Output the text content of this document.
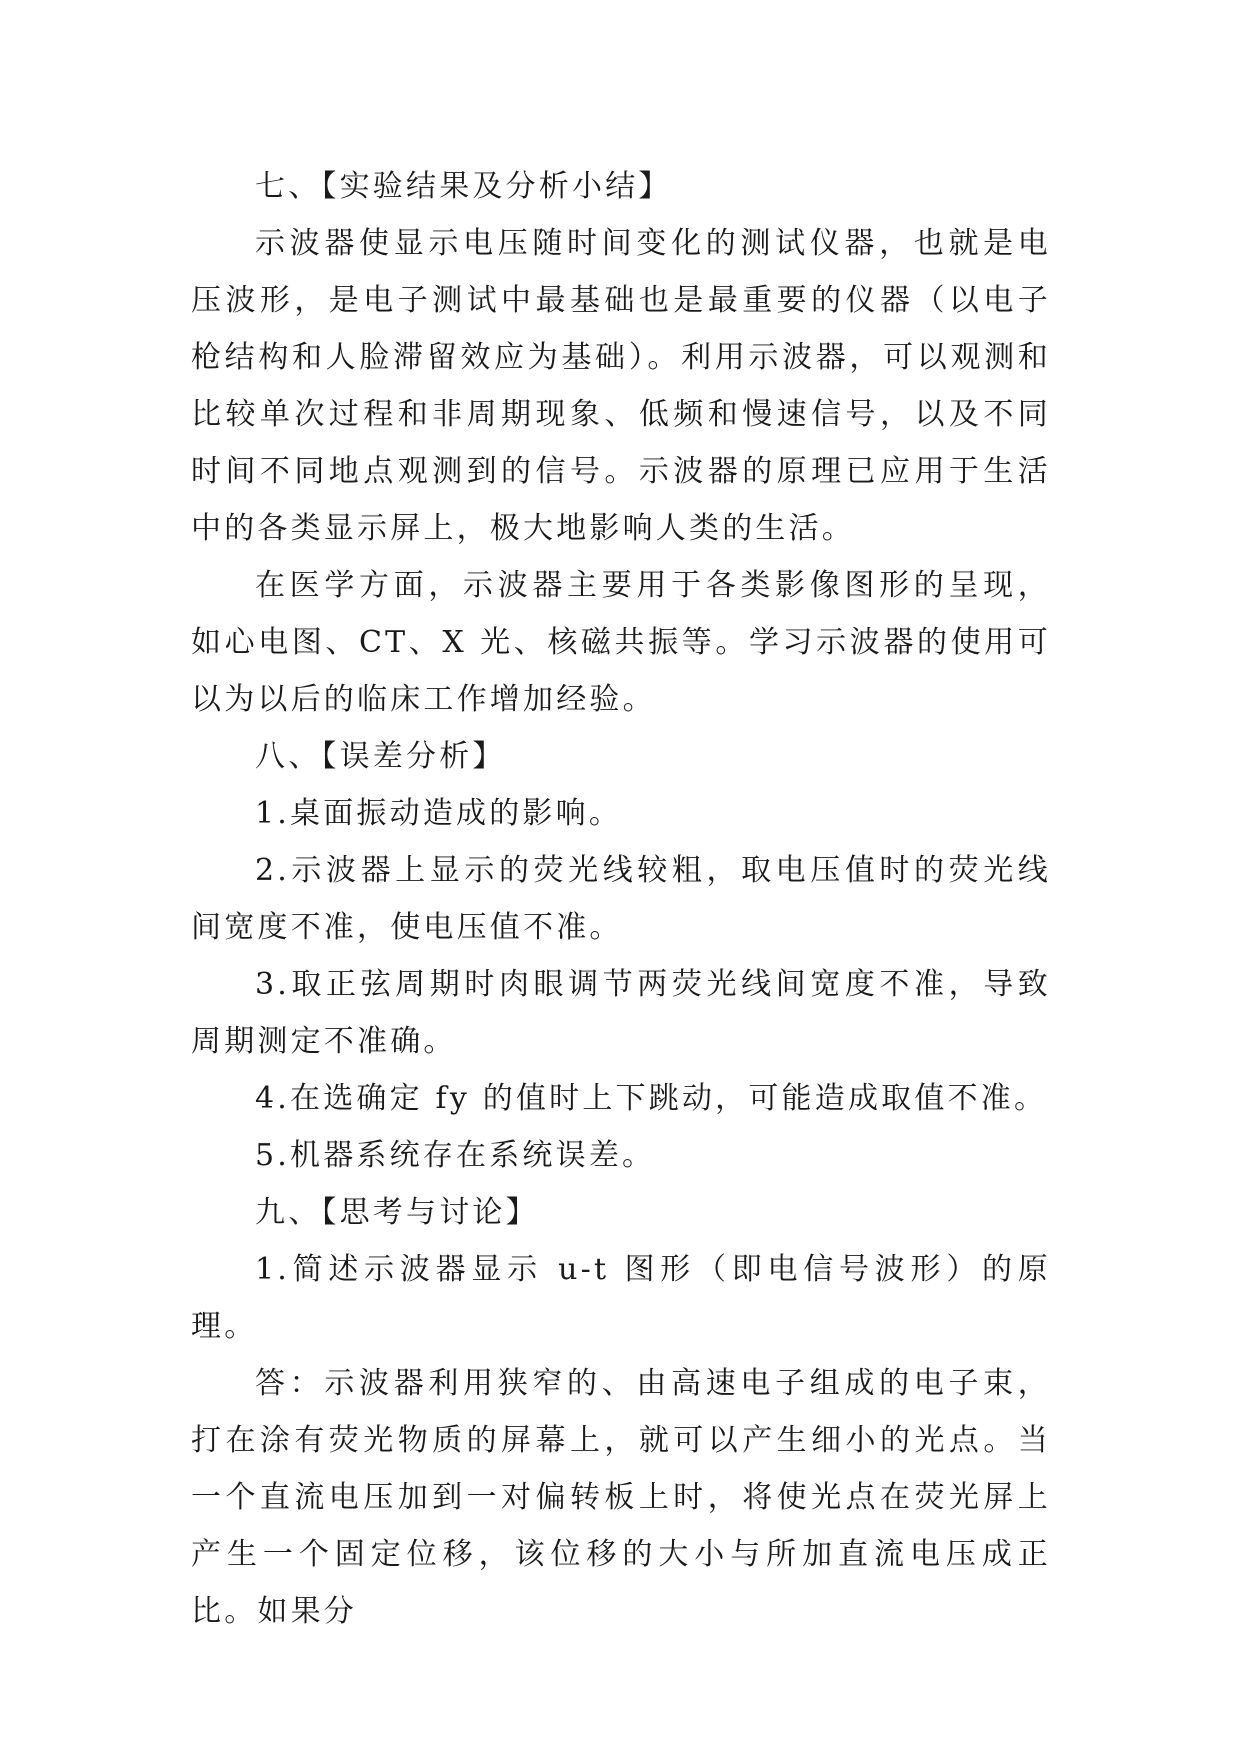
七、【实验结果及分析小结】

示波器使显示电压随时间变化的测试仪器，也就是电压波形，是电子测试中最基础也是最重要的仪器（以电子枪结构和人脸滞留效应为基础）。利用示波器，可以观测和比较单次过程和非周期现象、低频和慢速信号，以及不同时间不同地点观测到的信号。示波器的原理已应用于生活中的各类显示屏上，极大地影响人类的生活。

在医学方面，示波器主要用于各类影像图形的呈现，如心电图、CT、X 光、核磁共振等。学习示波器的使用可以为以后的临床工作增加经验。

八、【误差分析】

1.桌面振动造成的影响。

2.示波器上显示的荧光线较粗，取电压值时的荧光线间宽度不准，使电压值不准。

3.取正弦周期时肉眼调节两荧光线间宽度不准，导致周期测定不准确。

4.在选确定 fy 的值时上下跳动，可能造成取值不准。

5.机器系统存在系统误差。

九、【思考与讨论】

1.简述示波器显示 u-t 图形（即电信号波形）的原理。

答：示波器利用狭窄的、由高速电子组成的电子束，打在涂有荧光物质的屏幕上，就可以产生细小的光点。当一个直流电压加到一对偏转板上时，将使光点在荧光屏上产生一个固定位移，该位移的大小与所加直流电压成正比。如果分
